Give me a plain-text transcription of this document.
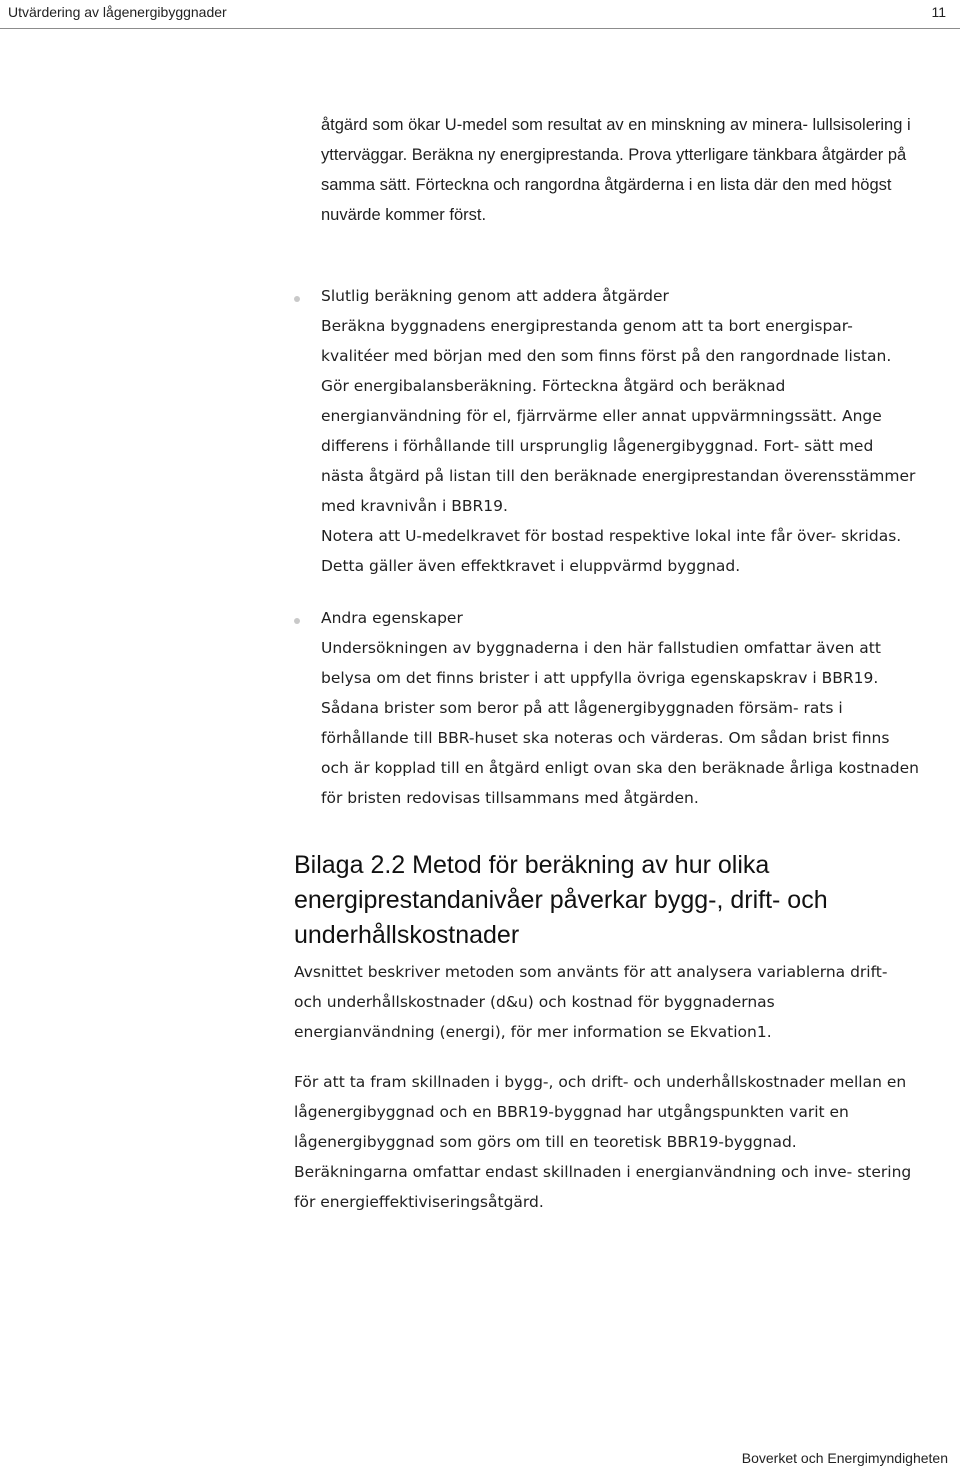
Utvärdering av lågenergibyggnader	11

åtgärd som ökar U-medel som resultat av en minskning av minera- lullsisolering i ytterväggar. Beräkna ny energiprestanda. Prova ytterligare tänkbara åtgärder på samma sätt. Förteckna och rangordna åtgärderna i en lista där den med högst nuvärde kommer först.

Slutlig beräkning genom att addera åtgärder
Beräkna byggnadens energiprestanda genom att ta bort energispar- kvalitéer med början med den som finns först på den rangordnade listan. Gör energibalansberäkning. Förteckna åtgärd och beräknad energianvändning för el, fjärrvärme eller annat uppvärmningssätt. Ange differens i förhållande till ursprunglig lågenergibyggnad. Fort- sätt med nästa åtgärd på listan till den beräknade energiprestandan överensstämmer med kravnivån i BBR19.
Notera att U-medelkravet för bostad respektive lokal inte får över- skridas. Detta gäller även effektkravet i eluppvärmd byggnad.
Andra egenskaper
Undersökningen av byggnaderna i den här fallstudien omfattar även att belysa om det finns brister i att uppfylla övriga egenskapskrav i BBR19. Sådana brister som beror på att lågenergibyggnaden försäm- rats i förhållande till BBR-huset ska noteras och värderas. Om sådan brist finns och är kopplad till en åtgärd enligt ovan ska den beräknade årliga kostnaden för bristen redovisas tillsammans med åtgärden.
Bilaga 2.2 Metod för beräkning av hur olika energiprestandanivåer påverkar bygg-, drift- och underhållskostnader

Avsnittet beskriver metoden som använts för att analysera variablerna drift- och underhållskostnader (d&u) och kostnad för byggnadernas energianvändning (energi), för mer information se Ekvation1.

För att ta fram skillnaden i bygg-, och drift- och underhållskostnader mellan en lågenergibyggnad och en BBR19-byggnad har utgångspunkten varit en lågenergibyggnad som görs om till en teoretisk BBR19-byggnad. Beräkningarna omfattar endast skillnaden i energianvändning och inve- stering för energieffektiviseringsåtgärd.

Boverket och Energimyndigheten
